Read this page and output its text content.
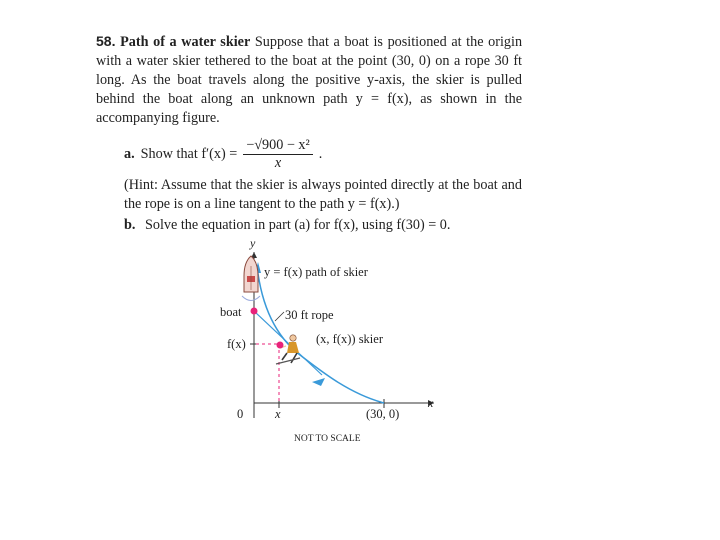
58. Path of a water skier Suppose that a boat is positioned at the origin with a water skier tethered to the boat at the point (30, 0) on a rope 30 ft long. As the boat travels along the positive y-axis, the skier is pulled behind the boat along an unknown path y = f(x), as shown in the accompanying figure.
a. Show that $f'(x) = \frac{\text{−√900 − x²}}{x}$ .
(Hint: Assume that the skier is always pointed directly at the boat and the rope is on a line tangent to the path y = f(x).)
b. Solve the equation in part (a) for f(x), using f(30) = 0.
y
x
y = f(x) path of skier
boat	30 ft rope
(x, f(x)) skier
f(x)
0	x	(30, 0)
NOT TO SCALE
